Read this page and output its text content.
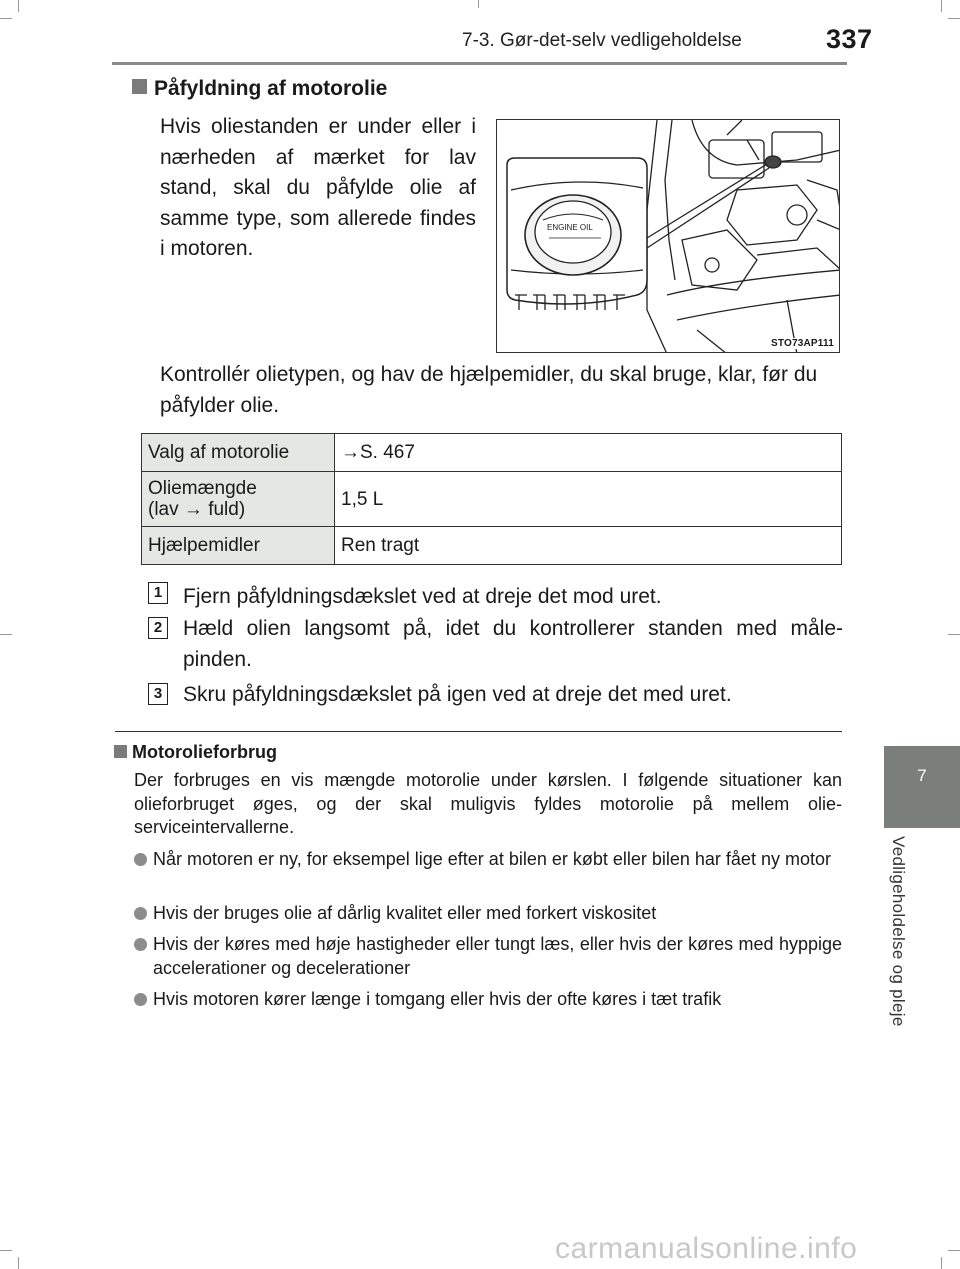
7-3. Gør-det-selv vedligeholdelse	337
7
Vedligeholdelse og pleje
Påfyldning af motorolie
Hvis oliestanden er under eller i nærheden af mærket for lav stand, skal du påfylde olie af samme type, som allerede findes i motoren.
ENGINE OIL
STO73AP111
Kontrollér olietypen, og hav de hjælpemidler, du skal bruge, klar, før du påfylder olie.
Valg af motorolie	→S. 467
Oliemængde
(lav → fuld)	1,5 L
Hjælpemidler	Ren tragt
1 Fjern påfyldningsdækslet ved at dreje det mod uret.
2 Hæld olien langsomt på, idet du kontrollerer standen med måle-pinden.
3 Skru påfyldningsdækslet på igen ved at dreje det med uret.
Motorolieforbrug
Der forbruges en vis mængde motorolie under kørslen. I følgende situationer kan olieforbruget øges, og der skal muligvis fyldes motorolie på mellem olie-serviceintervallerne.
Når motoren er ny, for eksempel lige efter at bilen er købt eller bilen har fået ny motor
Hvis der bruges olie af dårlig kvalitet eller med forkert viskositet
Hvis der køres med høje hastigheder eller tungt læs, eller hvis der køres med hyppige accelerationer og decelerationer
Hvis motoren kører længe i tomgang eller hvis der ofte køres i tæt trafik
carmanualsonline.info
